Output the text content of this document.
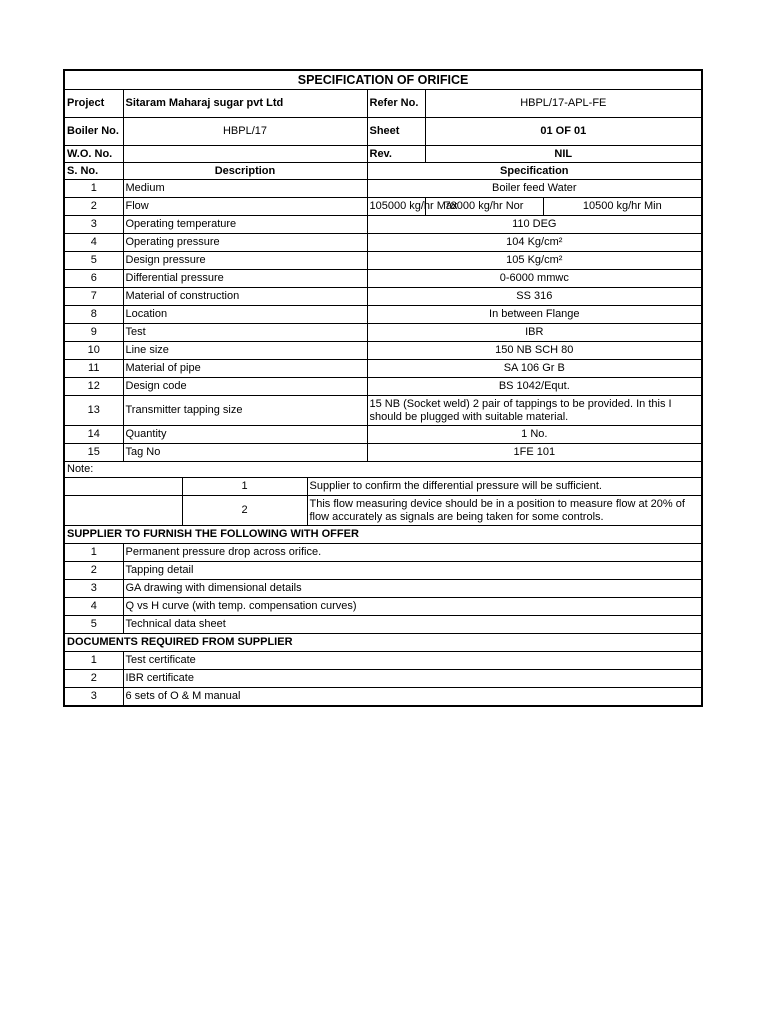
SPECIFICATION OF ORIFICE						
Project	Sitaram Maharaj sugar pvt Ltd			Refer No.	HBPL/17-APL-FE	
Boiler No.	HBPL/17			Sheet	01 OF 01	
W.O. No.				Rev.	NIL	
S. No.	Description			Specification		
1	Medium			Boiler feed Water		
2	Flow			105000 kg/hr Max	78000 kg/hr Nor	10500 kg/hr Min
3	Operating temperature			110 DEG		
4	Operating pressure			104 Kg/cm²		
5	Design pressure			105 Kg/cm²		
6	Differential pressure			0-6000 mmwc		
7	Material of construction			SS 316		
8	Location			In between Flange		
9	Test			IBR		
10	Line size			150 NB SCH 80		
11	Material of pipe			SA 106 Gr B		
12	Design code			BS 1042/Equt.		
13	Transmitter tapping size			15 NB (Socket weld) 2 pair of tappings to be provided. In this I should be plugged with suitable material.		
14	Quantity			1 No.		
15	Tag No			1FE 101		
Note:						
		1	Supplier to confirm the differential pressure will be sufficient.			
		2	This flow measuring device should be in a position to measure flow at 20% of flow accurately as signals are being taken for some controls.			
SUPPLIER TO FURNISH THE FOLLOWING WITH OFFER						
1	Permanent pressure drop across orifice.					
2	Tapping detail					
3	GA drawing with dimensional details					
4	Q vs H curve (with temp. compensation curves)					
5	Technical data sheet					
DOCUMENTS REQUIRED FROM SUPPLIER						
1	Test certificate					
2	IBR certificate					
3	6 sets of O & M manual					
